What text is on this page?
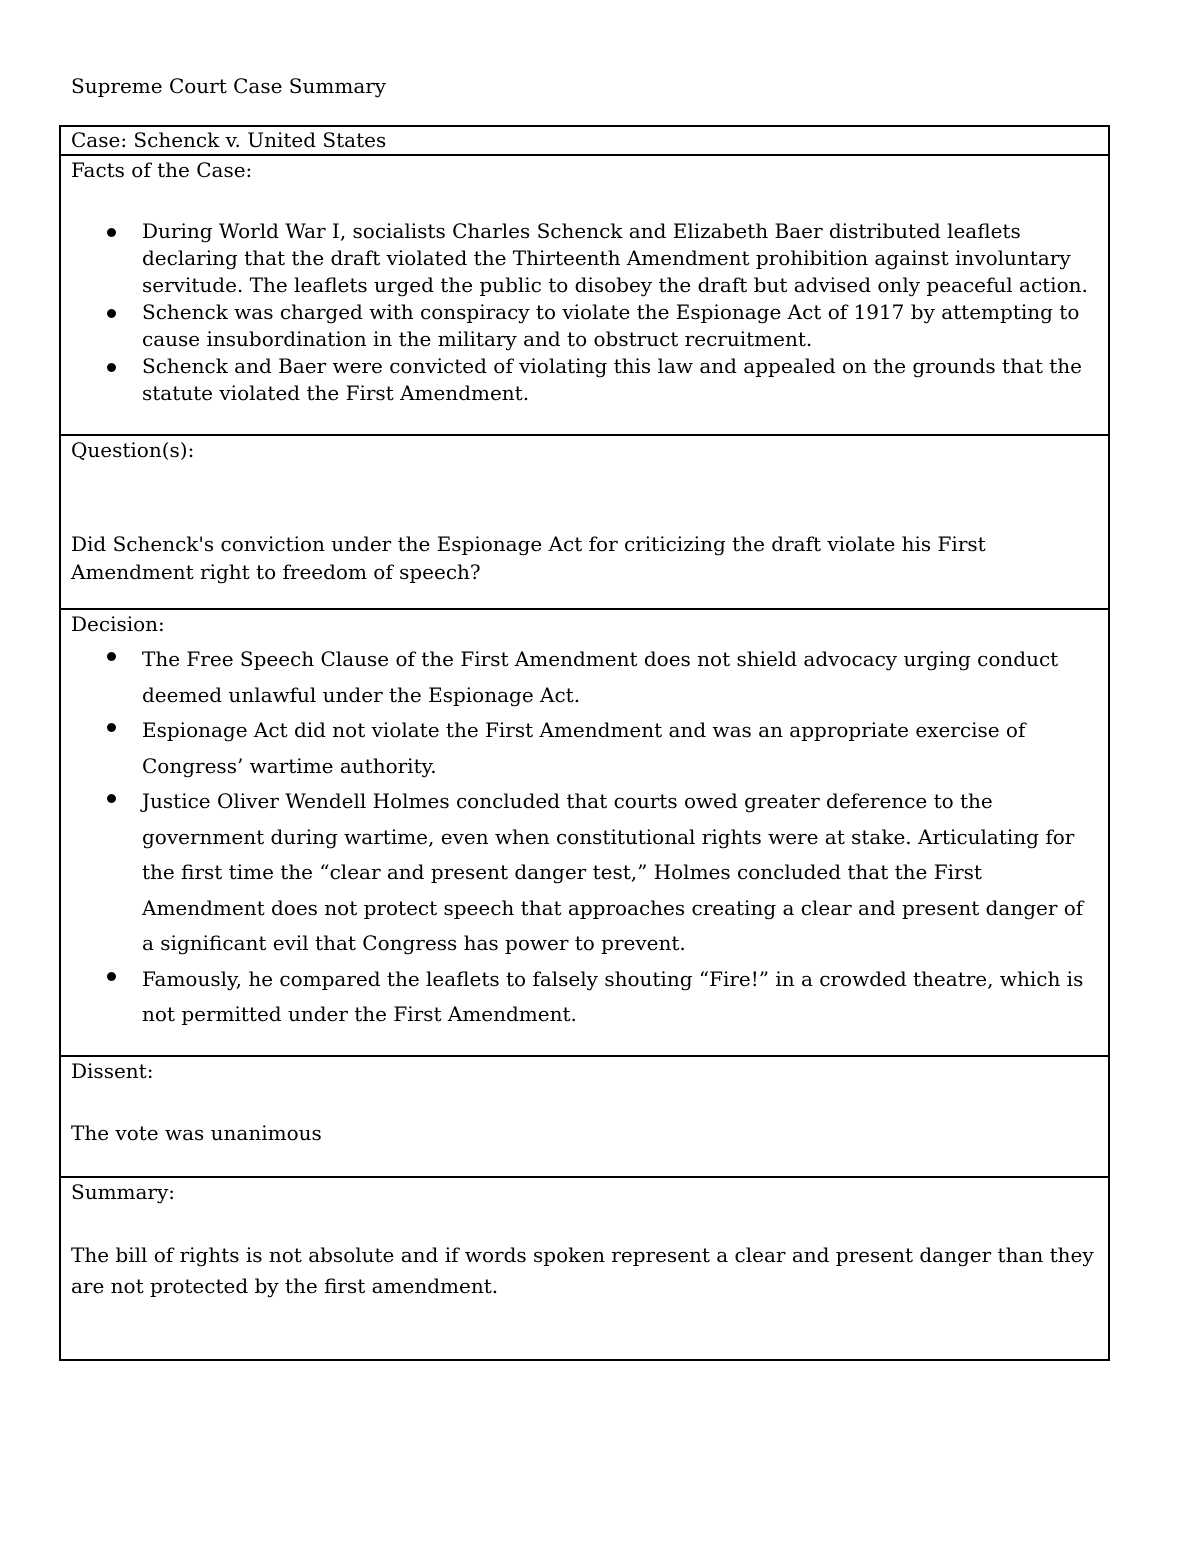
Supreme Court Case Summary
Case: Schenck v. United States
Facts of the Case:
During World War I, socialists Charles Schenck and Elizabeth Baer distributed leaflets declaring that the draft violated the Thirteenth Amendment prohibition against involuntary servitude. The leaflets urged the public to disobey the draft but advised only peaceful action.
Schenck was charged with conspiracy to violate the Espionage Act of 1917 by attempting to cause insubordination in the military and to obstruct recruitment.
Schenck and Baer were convicted of violating this law and appealed on the grounds that the statute violated the First Amendment.
Question(s):
Did Schenck's conviction under the Espionage Act for criticizing the draft violate his First Amendment right to freedom of speech?
Decision:
The Free Speech Clause of the First Amendment does not shield advocacy urging conduct deemed unlawful under the Espionage Act.
Espionage Act did not violate the First Amendment and was an appropriate exercise of Congress’ wartime authority.
Justice Oliver Wendell Holmes concluded that courts owed greater deference to the government during wartime, even when constitutional rights were at stake. Articulating for the first time the “clear and present danger test,” Holmes concluded that the First Amendment does not protect speech that approaches creating a clear and present danger of a significant evil that Congress has power to prevent.
Famously, he compared the leaflets to falsely shouting “Fire!” in a crowded theatre, which is not permitted under the First Amendment.
Dissent:
The vote was unanimous
Summary:
The bill of rights is not absolute and if words spoken represent a clear and present danger than they are not protected by the first amendment.
